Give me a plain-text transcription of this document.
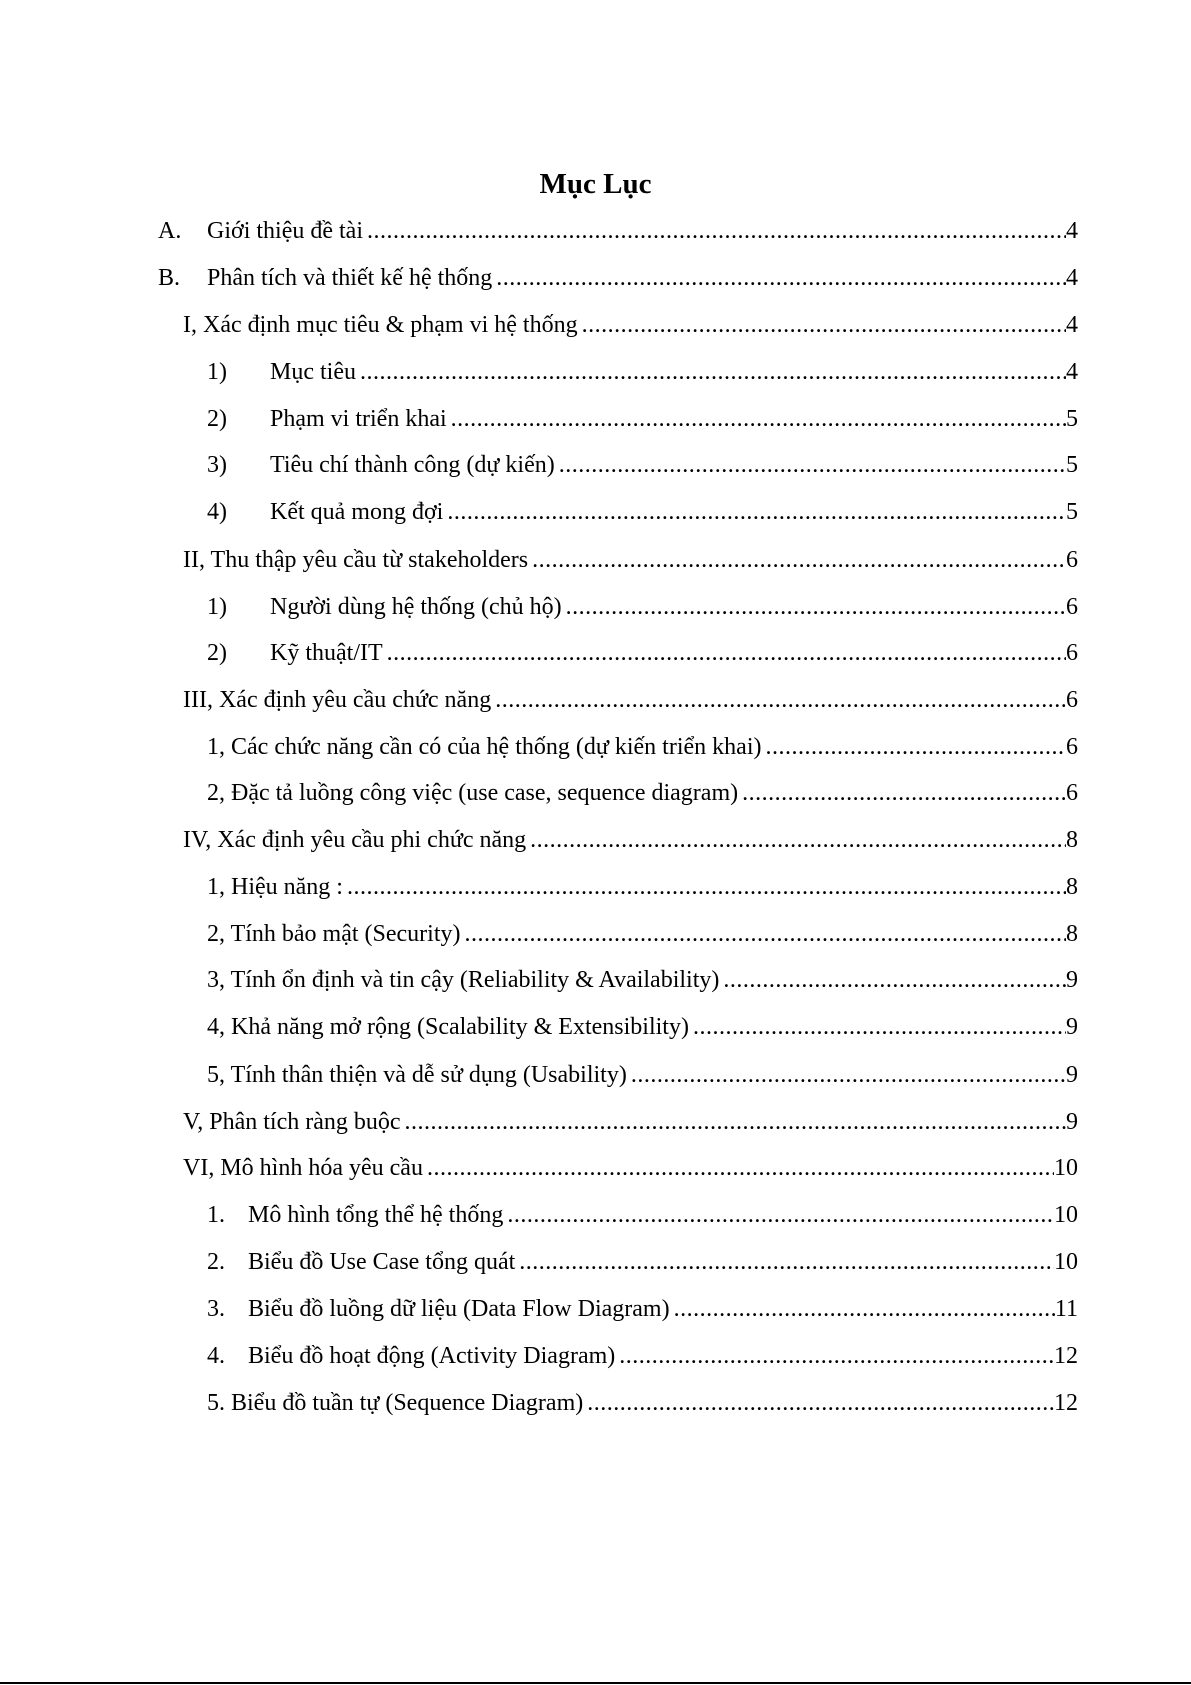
Mục Lục
A.	Giới thiệu đề tài .....	4
B.	Phân tích và thiết kế hệ thống .....	4
I, Xác định mục tiêu & phạm vi hệ thống .....	4
1)	Mục tiêu .....	4
2)	Phạm vi triển khai .....	5
3)	Tiêu chí thành công (dự kiến) .....	5
4)	Kết quả mong đợi .....	5
II, Thu thập yêu cầu từ stakeholders .....	6
1)	Người dùng hệ thống (chủ hộ) .....	6
2)	Kỹ thuật/IT .....	6
III, Xác định yêu cầu chức năng .....	6
1, Các chức năng cần có của hệ thống (dự kiến triển khai) .....	6
2, Đặc tả luồng công việc (use case, sequence diagram) .....	6
IV, Xác định yêu cầu phi chức năng .....	8
1, Hiệu năng : .....	8
2, Tính bảo mật (Security) .....	8
3, Tính ổn định và tin cậy (Reliability & Availability) .....	9
4, Khả năng mở rộng (Scalability & Extensibility) .....	9
5, Tính thân thiện và dễ sử dụng (Usability) .....	9
V, Phân tích ràng buộc .....	9
VI, Mô hình hóa yêu cầu .....	10
1. Mô hình tổng thể hệ thống .....	10
2. Biểu đồ Use Case tổng quát .....	10
3. Biểu đồ luồng dữ liệu (Data Flow Diagram) .....	11
4. Biểu đồ hoạt động (Activity Diagram) .....	12
5. Biểu đồ tuần tự (Sequence Diagram) .....	12
